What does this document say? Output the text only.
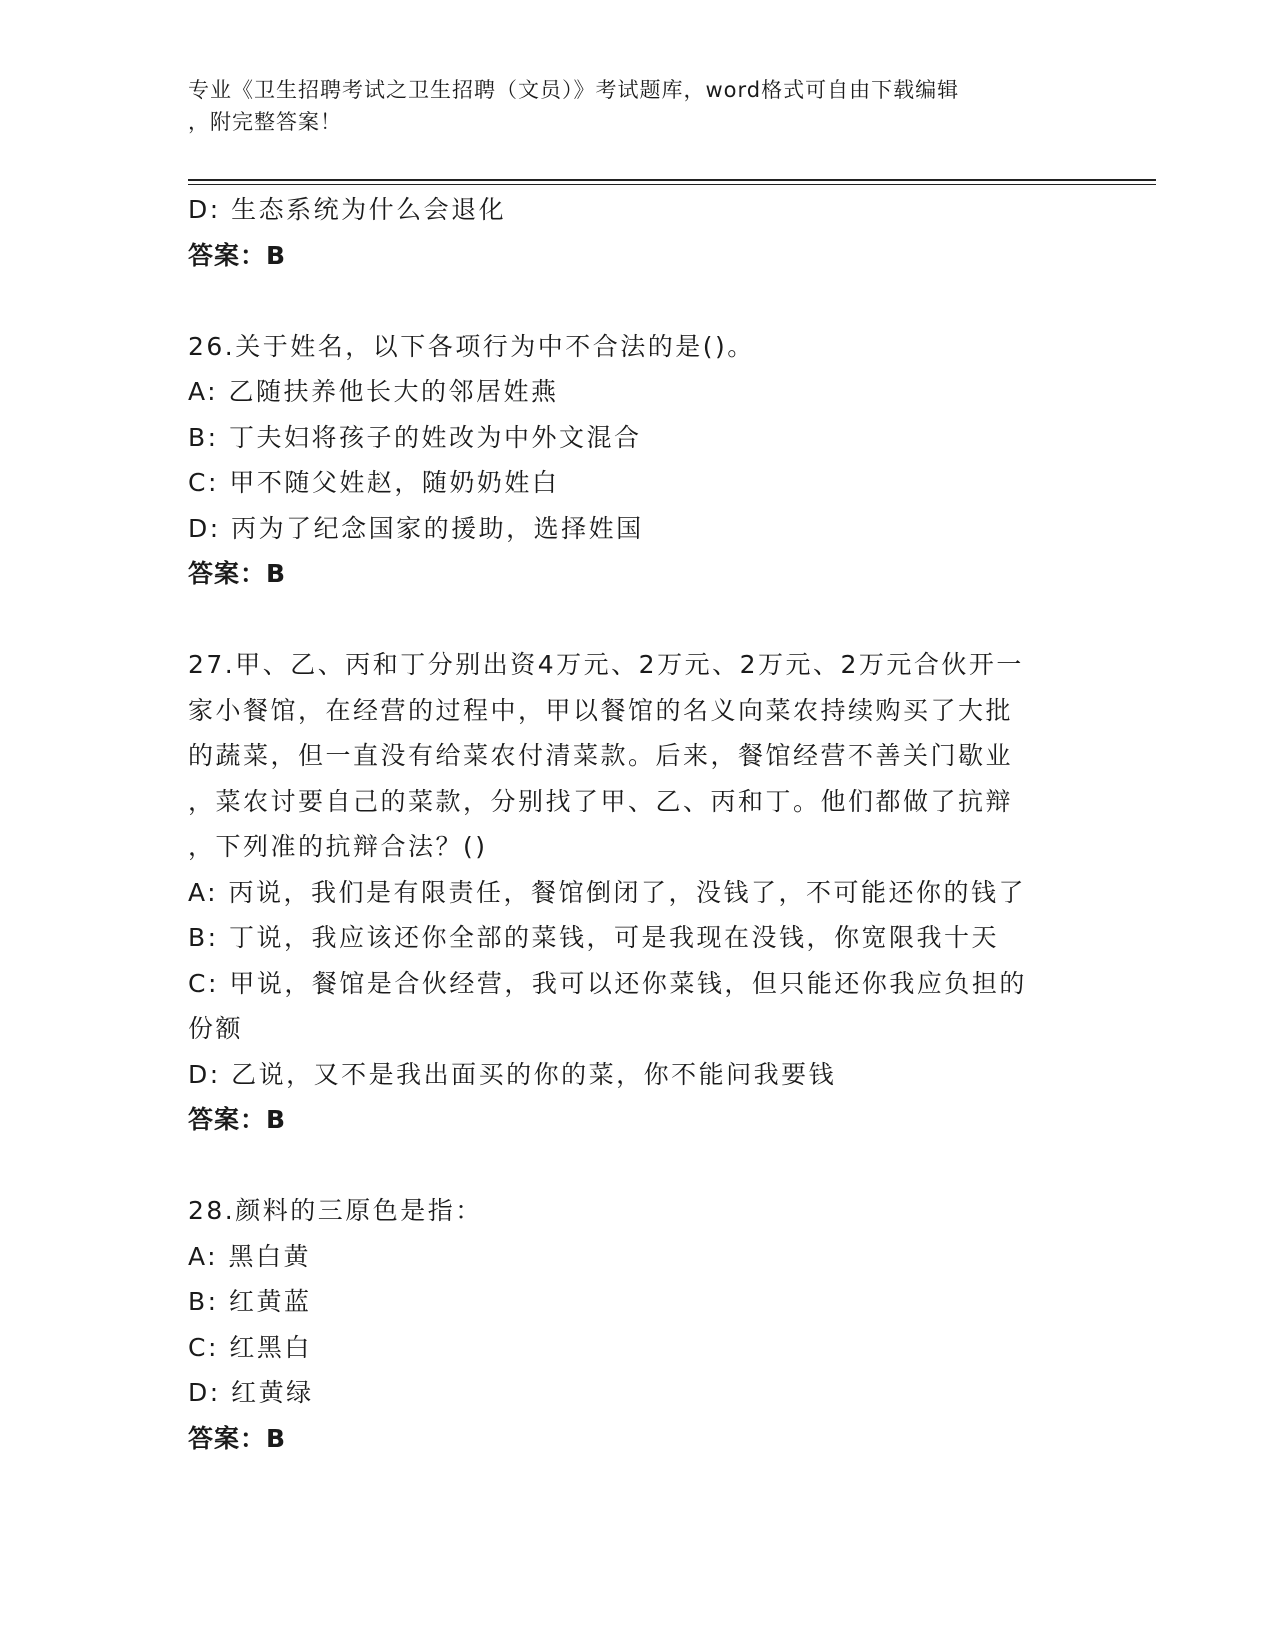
专业《卫生招聘考试之卫生招聘（文员）》考试题库，word格式可自由下载编辑
，附完整答案！
D: 生态系统为什么会退化
答案：B
26.关于姓名，以下各项行为中不合法的是()。
A: 乙随扶养他长大的邻居姓燕
B: 丁夫妇将孩子的姓改为中外文混合
C: 甲不随父姓赵，随奶奶姓白
D: 丙为了纪念国家的援助，选择姓国
答案：B
27.甲、乙、丙和丁分别出资4万元、2万元、2万元、2万元合伙开一
家小餐馆，在经营的过程中，甲以餐馆的名义向菜农持续购买了大批
的蔬菜，但一直没有给菜农付清菜款。后来，餐馆经营不善关门歇业
，菜农讨要自己的菜款，分别找了甲、乙、丙和丁。他们都做了抗辩
，下列准的抗辩合法？()
A: 丙说，我们是有限责任，餐馆倒闭了，没钱了，不可能还你的钱了
B: 丁说，我应该还你全部的菜钱，可是我现在没钱，你宽限我十天
C: 甲说，餐馆是合伙经营，我可以还你菜钱，但只能还你我应负担的
份额
D: 乙说，又不是我出面买的你的菜，你不能问我要钱
答案：B
28.颜料的三原色是指：
A: 黑白黄
B: 红黄蓝
C: 红黑白
D: 红黄绿
答案：B
